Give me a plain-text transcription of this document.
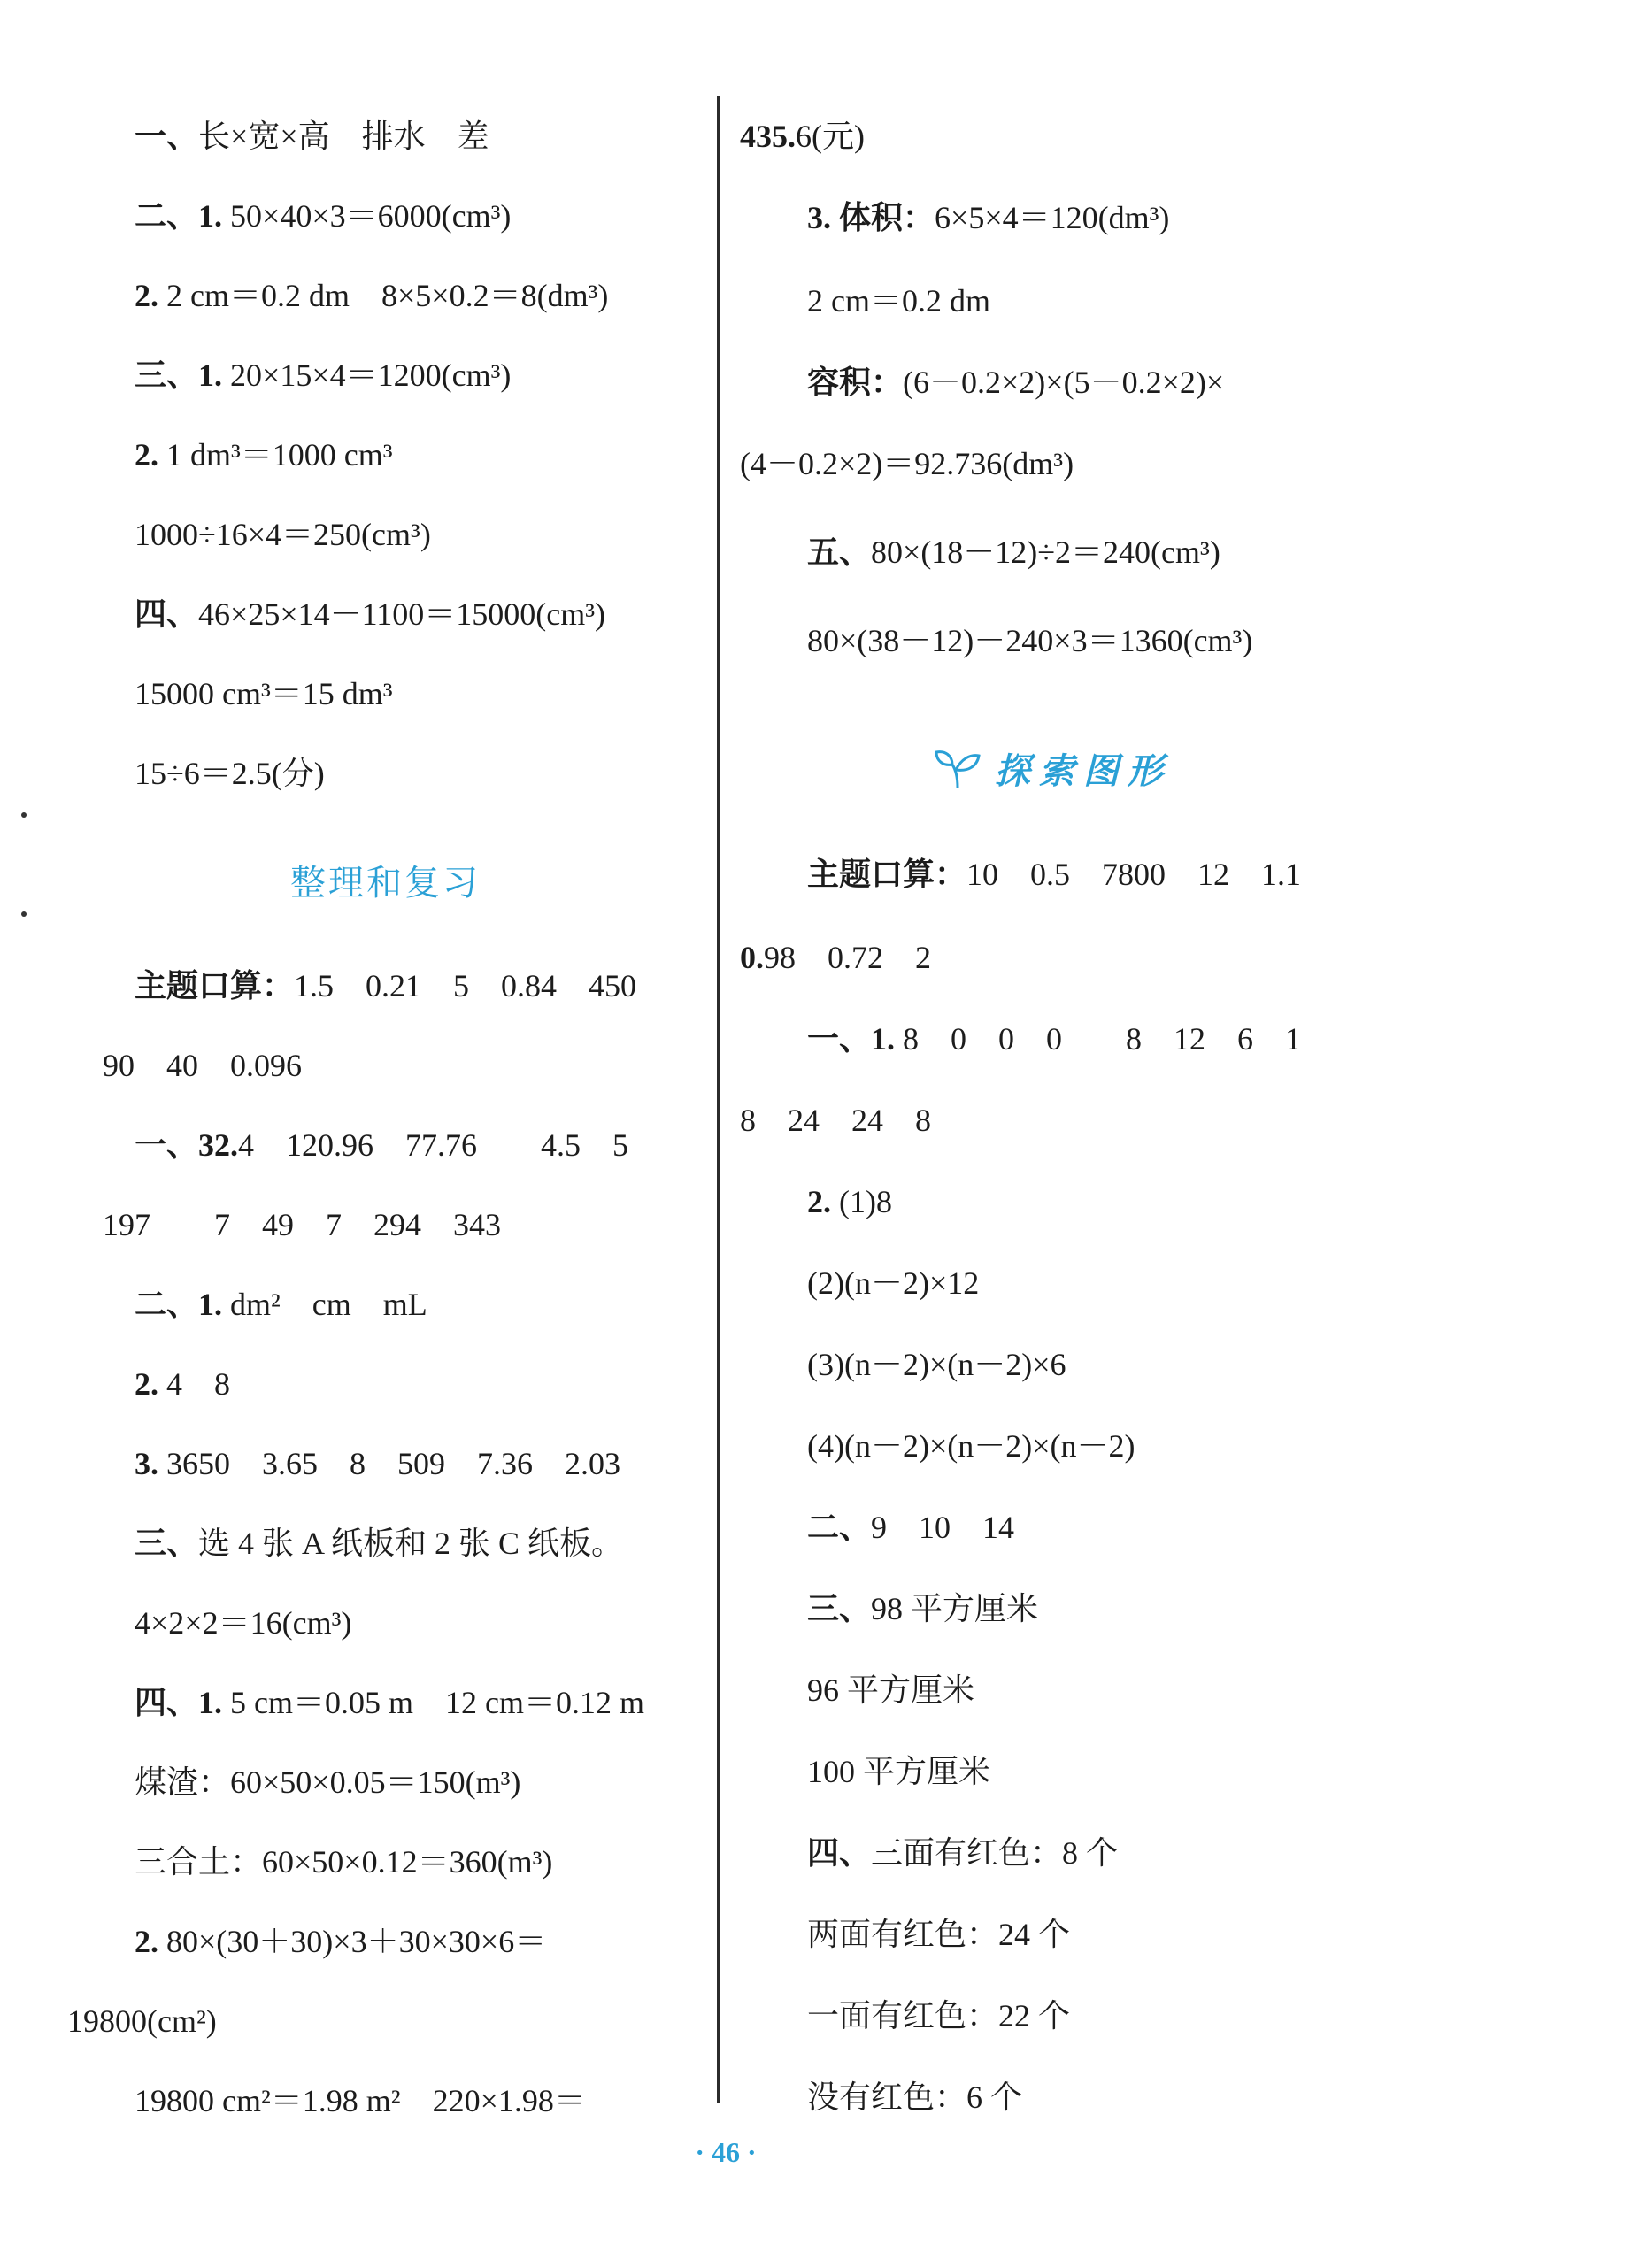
一、长×宽×高　排水　差
二、1. 50×40×3＝6000(cm³)
2. 2 cm＝0.2 dm　8×5×0.2＝8(dm³)
三、1. 20×15×4＝1200(cm³)
2. 1 dm³＝1000 cm³
1000÷16×4＝250(cm³)
四、46×25×14－1100＝15000(cm³)
15000 cm³＝15 dm³
15÷6＝2.5(分)
整理和复习
主题口算：1.5　0.21　5　0.84　450
90　40　0.096
一、32.4　120.96　77.76　　4.5　5
197　　7　49　7　294　343
二、1. dm²　cm　mL
2. 4　8
3. 3650　3.65　8　509　7.36　2.03
三、选 4 张 A 纸板和 2 张 C 纸板。
4×2×2＝16(cm³)
四、1. 5 cm＝0.05 m　12 cm＝0.12 m
煤渣：60×50×0.05＝150(m³)
三合土：60×50×0.12＝360(m³)
2. 80×(30＋30)×3＋30×30×6＝
19800(cm²)
19800 cm²＝1.98 m²　220×1.98＝
435.6(元)
3. 体积：6×5×4＝120(dm³)
2 cm＝0.2 dm
容积：(6－0.2×2)×(5－0.2×2)×
(4－0.2×2)＝92.736(dm³)
五、80×(18－12)÷2＝240(cm³)
80×(38－12)－240×3＝1360(cm³)
探索图形
主题口算：10　0.5　7800　12　1.1
0.98　0.72　2
一、1. 8　0　0　0　　8　12　6　1
8　24　24　8
2. (1)8
(2)(n－2)×12
(3)(n－2)×(n－2)×6
(4)(n－2)×(n－2)×(n－2)
二、9　10　14
三、98 平方厘米
96 平方厘米
100 平方厘米
四、三面有红色：8 个
两面有红色：24 个
一面有红色：22 个
没有红色：6 个
· 46 ·
